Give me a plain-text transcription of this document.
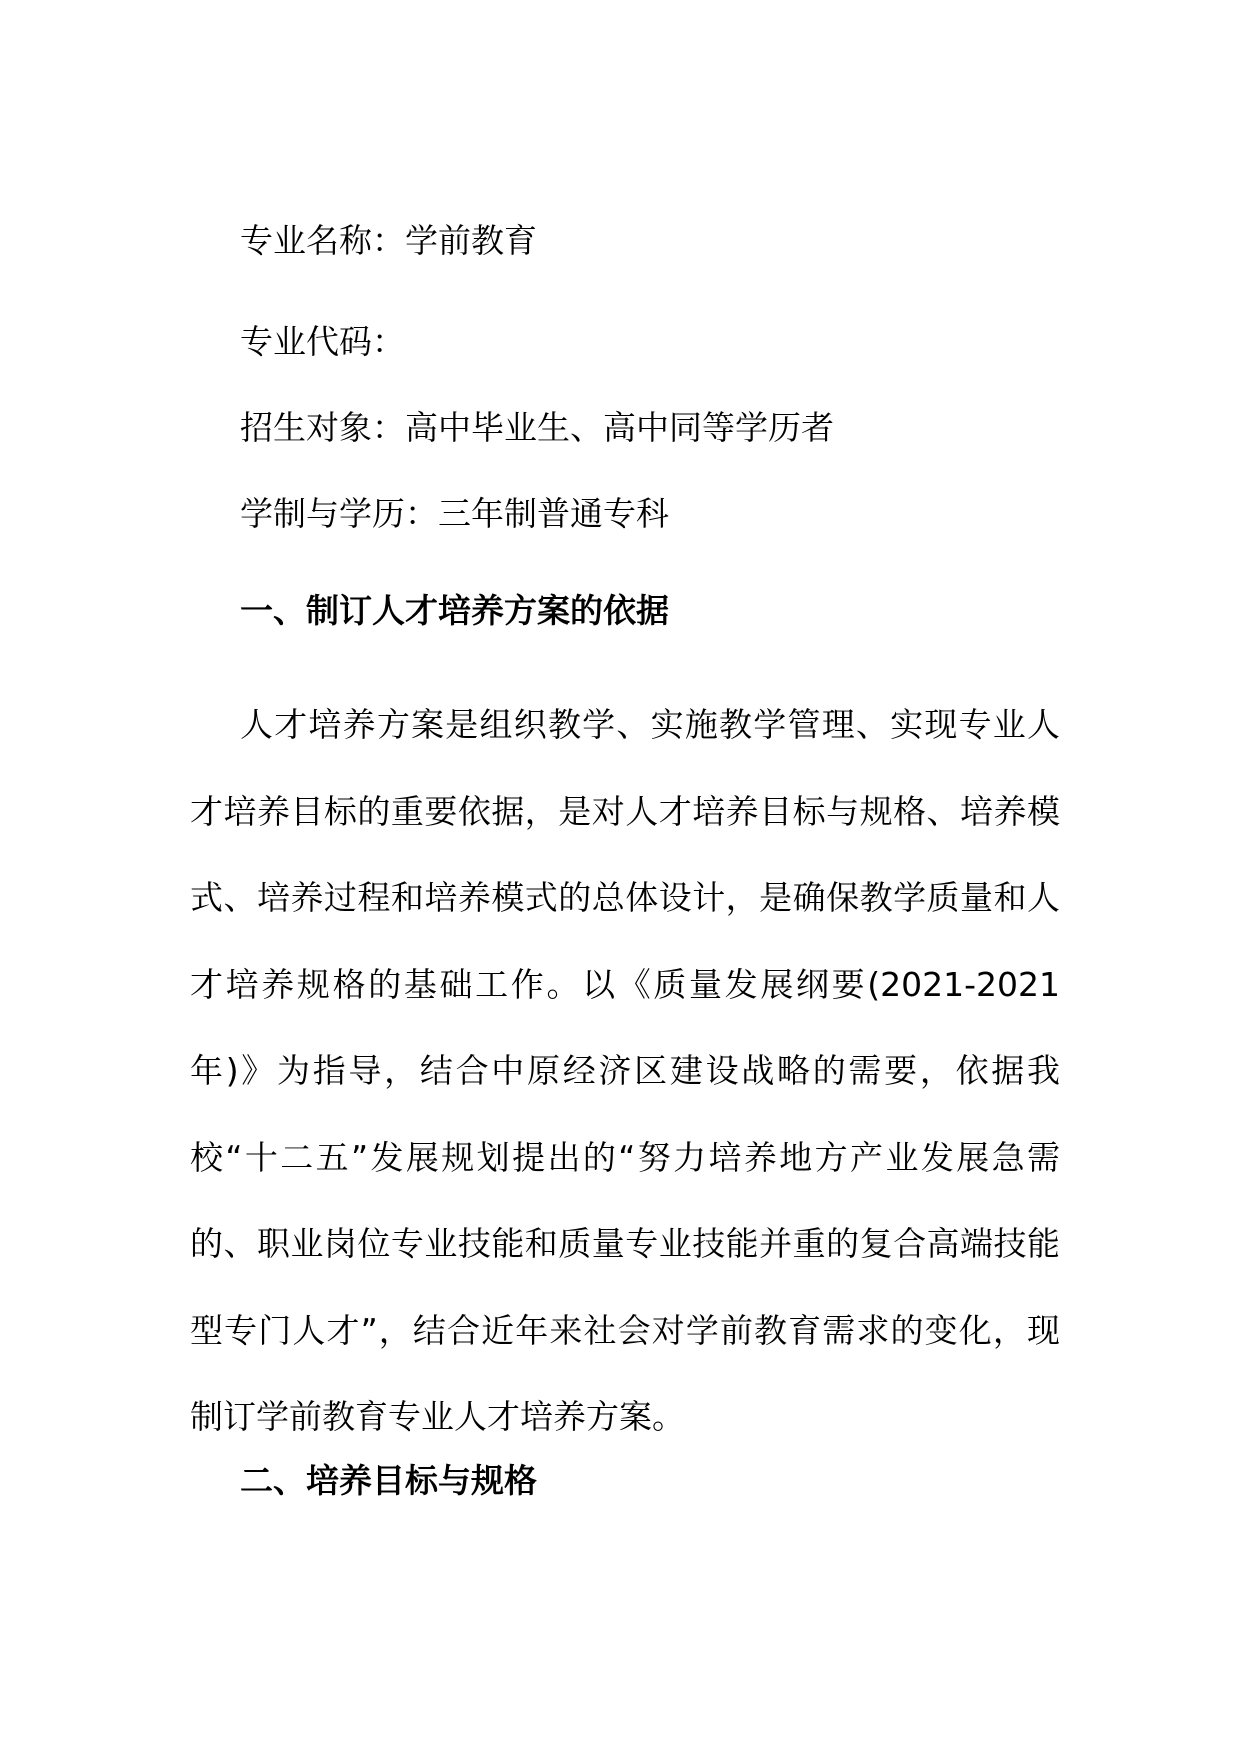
专业名称：学前教育

专业代码：

招生对象：高中毕业生、高中同等学历者

学制与学历：三年制普通专科

一、制订人才培养方案的依据

人才培养方案是组织教学、实施教学管理、实现专业人才培养目标的重要依据，是对人才培养目标与规格、培养模式、培养过程和培养模式的总体设计，是确保教学质量和人才培养规格的基础工作。以《质量发展纲要(2021-2021年)》为指导，结合中原经济区建设战略的需要，依据我校“十二五”发展规划提出的“努力培养地方产业发展急需的、职业岗位专业技能和质量专业技能并重的复合高端技能型专门人才”，结合近年来社会对学前教育需求的变化，现制订学前教育专业人才培养方案。

二、培养目标与规格
